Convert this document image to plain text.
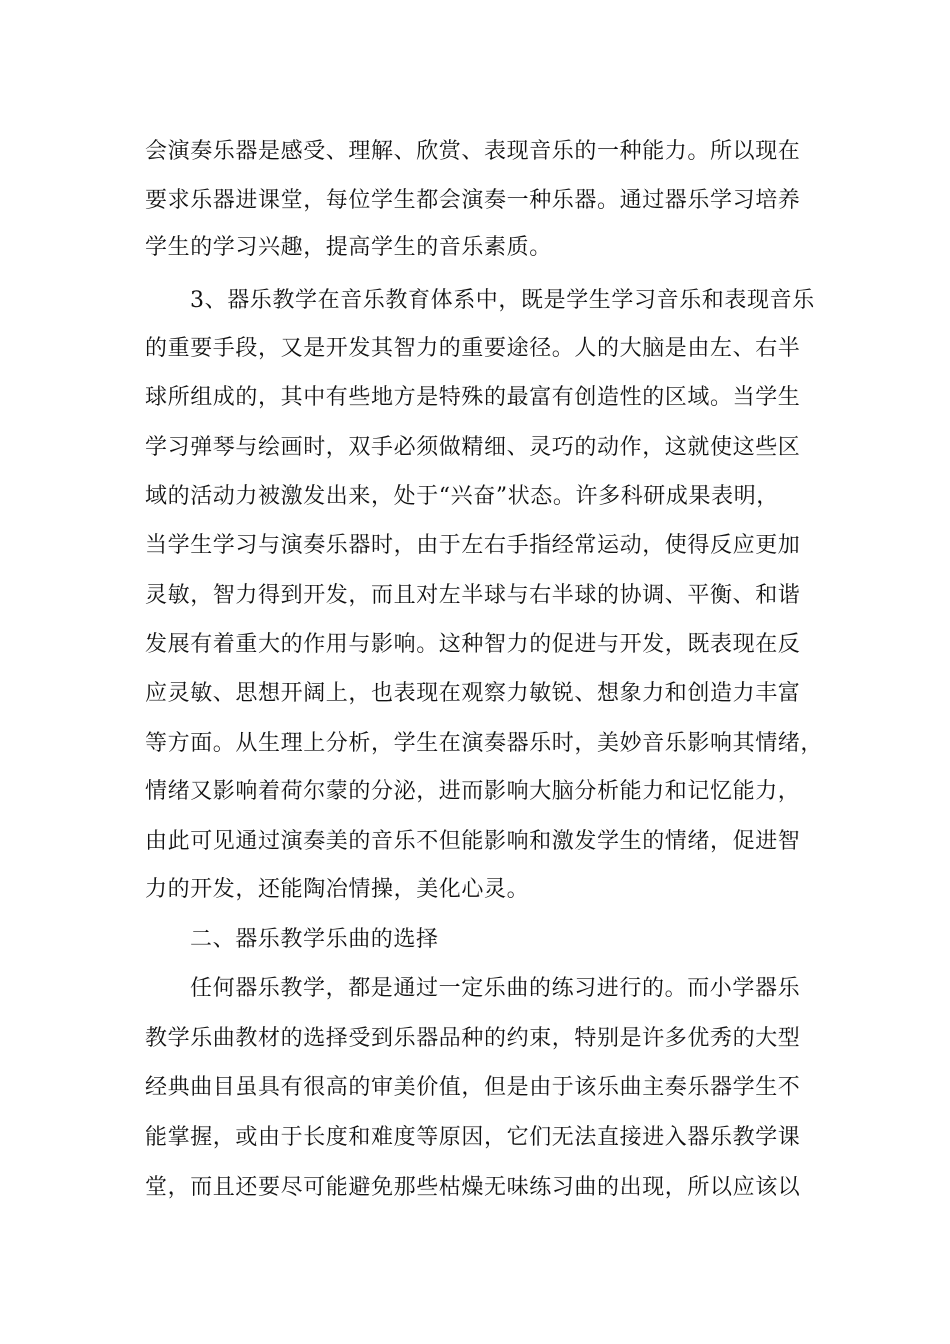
会演奏乐器是感受、理解、欣赏、表现音乐的一种能力。所以现在
要求乐器进课堂，每位学生都会演奏一种乐器。通过器乐学习培养
学生的学习兴趣，提高学生的音乐素质。
3、器乐教学在音乐教育体系中，既是学生学习音乐和表现音乐
的重要手段，又是开发其智力的重要途径。人的大脑是由左、右半
球所组成的，其中有些地方是特殊的最富有创造性的区域。当学生
学习弹琴与绘画时，双手必须做精细、灵巧的动作，这就使这些区
域的活动力被激发出来，处于“兴奋”状态。许多科研成果表明，
当学生学习与演奏乐器时，由于左右手指经常运动，使得反应更加
灵敏，智力得到开发，而且对左半球与右半球的协调、平衡、和谐
发展有着重大的作用与影响。这种智力的促进与开发，既表现在反
应灵敏、思想开阔上，也表现在观察力敏锐、想象力和创造力丰富
等方面。从生理上分析，学生在演奏器乐时，美妙音乐影响其情绪，
情绪又影响着荷尔蒙的分泌，进而影响大脑分析能力和记忆能力，
由此可见通过演奏美的音乐不但能影响和激发学生的情绪，促进智
力的开发，还能陶冶情操，美化心灵。
二、器乐教学乐曲的选择
任何器乐教学，都是通过一定乐曲的练习进行的。而小学器乐
教学乐曲教材的选择受到乐器品种的约束，特别是许多优秀的大型
经典曲目虽具有很高的审美价值，但是由于该乐曲主奏乐器学生不
能掌握，或由于长度和难度等原因，它们无法直接进入器乐教学课
堂，而且还要尽可能避免那些枯燥无味练习曲的出现，所以应该以
